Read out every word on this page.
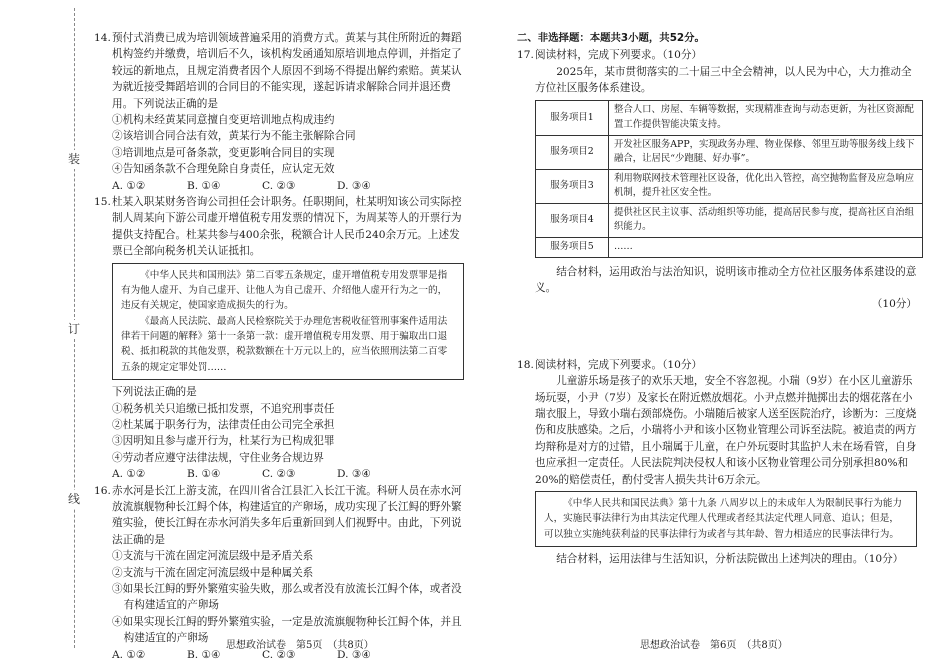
装
订
线
14. 预付式消费已成为培训领域普遍采用的消费方式。黄某与其住所附近的舞蹈机构签约并缴费，培训后不久，该机构发函通知原培训地点停训，并指定了较远的新地点，且规定消费者因个人原因不到场不得提出解约索赔。黄某认为就近接受舞蹈培训的合同目的不能实现，遂起诉请求解除合同并退还费用。下列说法正确的是

①机构未经黄某同意擅自变更培训地点构成违约

②该培训合同合法有效，黄某行为不能主张解除合同

③培训地点是可备条款，变更影响合同目的实现

④告知函条款不合理免除自身责任，应认定无效

A. ①②	B. ①④	C. ②③	D. ③④
15. 杜某入职某财务咨询公司担任会计职务。任职期间，杜某明知该公司实际控制人周某向下游公司虚开增值税专用发票的情况下，为周某等人的开票行为提供支持配合。杜某共参与400余张，税额合计人民币240余万元。上述发票已全部向税务机关认证抵扣。

《中华人民共和国刑法》第二百零五条规定，虚开增值税专用发票罪是指有为他人虚开、为自己虚开、让他人为自己虚开、介绍他人虚开行为之一的，违反有关规定，使国家造成损失的行为。

《最高人民法院、最高人民检察院关于办理危害税收征管刑事案件适用法律若干问题的解释》第十一条第一款：虚开增值税专用发票、用于骗取出口退税、抵扣税款的其他发票，税款数额在十万元以上的，应当依照刑法第二百零五条的规定定罪处罚……

下列说法正确的是

①税务机关只追缴已抵扣发票，不追究刑事责任

②杜某属于职务行为，法律责任由公司完全承担

③因明知且参与虚开行为，杜某行为已构成犯罪

④劳动者应遵守法律法规，守住业务合规边界

A. ①②	B. ①④	C. ②③	D. ③④
16. 赤水河是长江上游支流，在四川省合江县汇入长江干流。科研人员在赤水河放流旗舰物种长江鲟个体，构建适宜的产卵场，成功实现了长江鲟的野外繁殖实验，使长江鲟在赤水河消失多年后重新回到人们视野中。由此，下列说法正确的是

①支流与干流在固定河流层级中是矛盾关系

②支流与干流在固定河流层级中是种属关系

③如果长江鲟的野外繁殖实验失败，那么或者没有放流长江鲟个体，或者没有构建适宜的产卵场

④如果实现长江鲟的野外繁殖实验，一定是放流旗舰物种长江鲟个体，并且构建适宜的产卵场

A. ①②	B. ①④	C. ②③	D. ③④

二、非选择题：本题共3小题，共52分。

17. 阅读材料，完成下列要求。（10分）

2025年，某市贯彻落实的二十届三中全会精神，以人民为中心，大力推动全方位社区服务体系建设。

服务项目1	整合人口、房屋、车辆等数据，实现精准查询与动态更新，为社区资源配置工作提供智能决策支持。
服务项目2	开发社区服务APP，实现政务办理、物业保修、邻里互助等服务线上线下融合，让居民“少跑腿、好办事”。
服务项目3	利用物联网技术管理社区设备，优化出入管控，高空抛物监督及应急响应机制，提升社区安全性。
服务项目4	提供社区民主议事、活动组织等功能，提高居民参与度，提高社区自治组织能力。
服务项目5	……

结合材料，运用政治与法治知识，说明该市推动全方位社区服务体系建设的意义。

（10分）

18. 阅读材料，完成下列要求。（10分）

儿童游乐场是孩子的欢乐天地，安全不容忽视。小瑞（9岁）在小区儿童游乐场玩耍，小尹（7岁）及家长在附近燃放烟花。小尹点燃并抛掷出去的烟花落在小瑞衣服上，导致小瑞右颈部烧伤。小瑞随后被家人送至医院治疗，诊断为：三度烧伤和皮肤感染。之后，小瑞将小尹和该小区物业管理公司诉至法院。被追责的两方均辩称是对方的过错，且小瑞属于儿童，在户外玩耍时其监护人未在场看管，自身也应承担一定责任。人民法院判决侵权人和该小区物业管理公司分别承担80%和20%的赔偿责任，酌付受害人损失共计6万余元。

《中华人民共和国民法典》第十九条 八周岁以上的未成年人为限制民事行为能力人，实施民事法律行为由其法定代理人代理或者经其法定代理人同意、追认；但是，可以独立实施纯获利益的民事法律行为或者与其年龄、智力相适应的民事法律行为。

结合材料，运用法律与生活知识，分析法院做出上述判决的理由。（10分）

思想政治试卷　第5页　（共8页）	思想政治试卷　第6页　（共8页）
